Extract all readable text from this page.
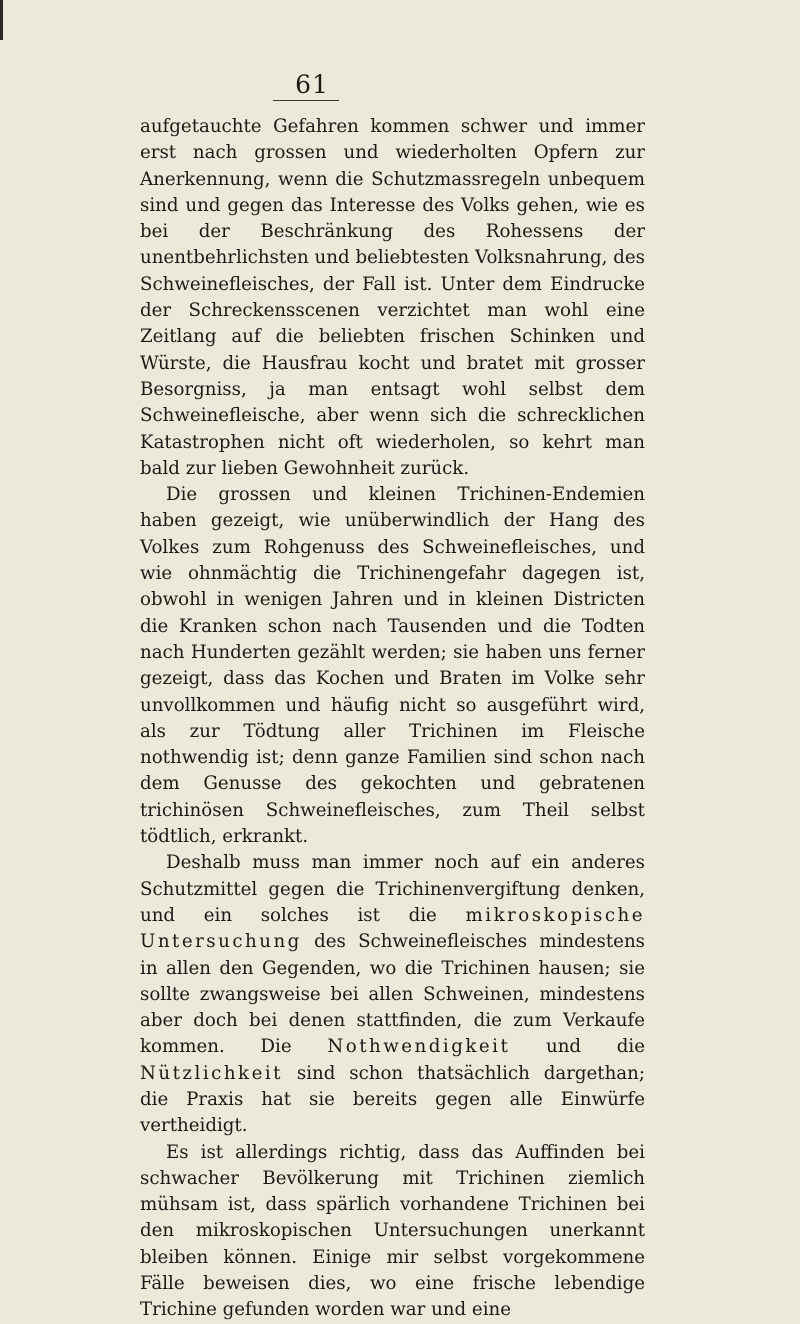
61

aufgetauchte Gefahren kommen schwer und immer erst nach grossen und wiederholten Opfern zur Anerkennung, wenn die Schutzmassregeln unbequem sind und gegen das Interesse des Volks gehen, wie es bei der Beschränkung des Rohessens der unentbehrlichsten und beliebtesten Volksnahrung, des Schweinefleisches, der Fall ist. Unter dem Eindrucke der Schreckensscenen verzichtet man wohl eine Zeitlang auf die beliebten frischen Schinken und Würste, die Hausfrau kocht und bratet mit grosser Besorgniss, ja man entsagt wohl selbst dem Schweinefleische, aber wenn sich die schrecklichen Katastrophen nicht oft wiederholen, so kehrt man bald zur lieben Gewohnheit zurück.

Die grossen und kleinen Trichinen-Endemien haben gezeigt, wie unüberwindlich der Hang des Volkes zum Rohgenuss des Schweinefleisches, und wie ohnmächtig die Trichinengefahr dagegen ist, obwohl in wenigen Jahren und in kleinen Districten die Kranken schon nach Tausenden und die Todten nach Hunderten gezählt werden; sie haben uns ferner gezeigt, dass das Kochen und Braten im Volke sehr unvollkommen und häufig nicht so ausgeführt wird, als zur Tödtung aller Trichinen im Fleische nothwendig ist; denn ganze Familien sind schon nach dem Genusse des gekochten und gebratenen trichinösen Schweinefleisches, zum Theil selbst tödtlich, erkrankt.

Deshalb muss man immer noch auf ein anderes Schutzmittel gegen die Trichinenvergiftung denken, und ein solches ist die mikroskopische Untersuchung des Schweinefleisches mindestens in allen den Gegenden, wo die Trichinen hausen; sie sollte zwangsweise bei allen Schweinen, mindestens aber doch bei denen stattfinden, die zum Verkaufe kommen. Die Nothwendigkeit und die Nützlichkeit sind schon thatsächlich dargethan; die Praxis hat sie bereits gegen alle Einwürfe vertheidigt.

Es ist allerdings richtig, dass das Auffinden bei schwacher Bevölkerung mit Trichinen ziemlich mühsam ist, dass spärlich vorhandene Trichinen bei den mikroskopischen Untersuchungen unerkannt bleiben können. Einige mir selbst vorgekommene Fälle beweisen dies, wo eine frische lebendige Trichine gefunden worden war und eine
